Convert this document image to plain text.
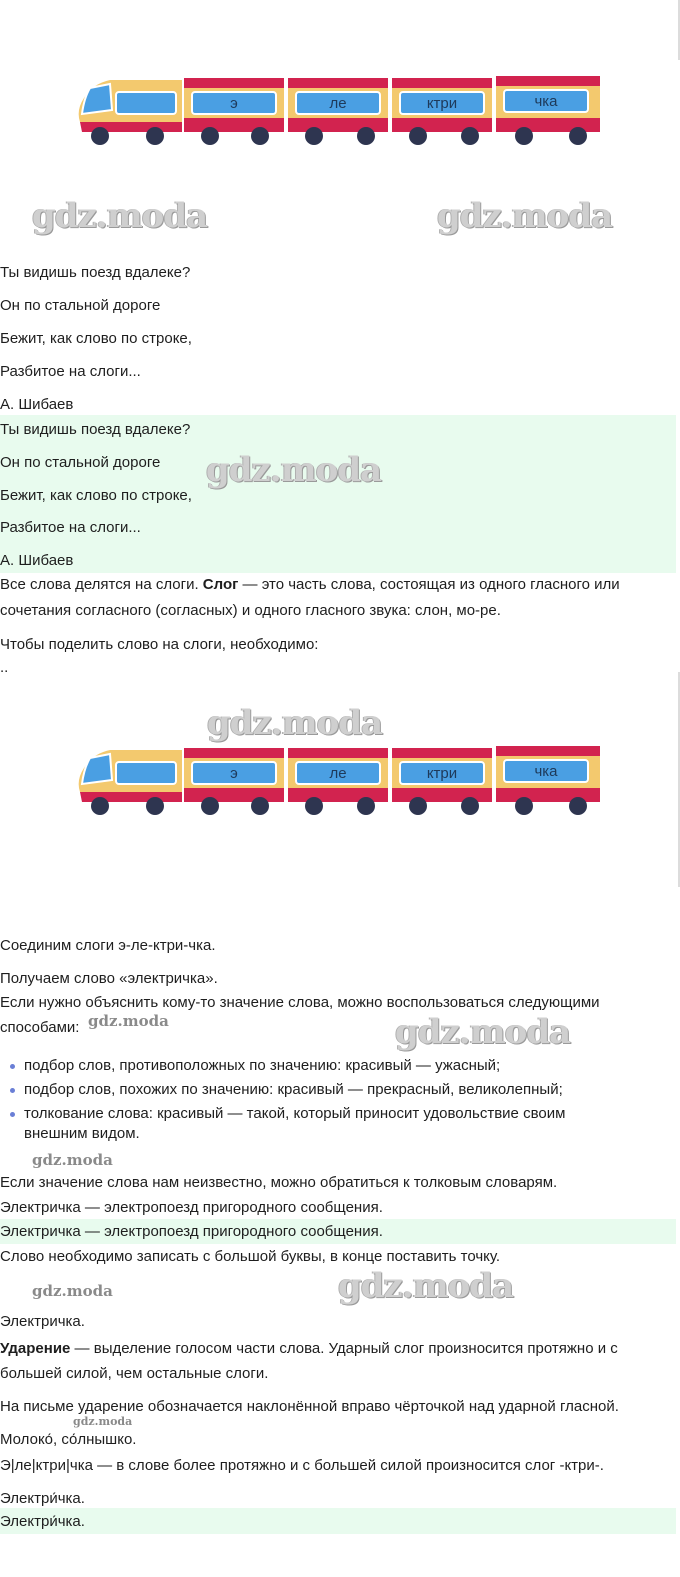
э	ле	ктри	чка
gdz.moda	gdz.moda
Ты видишь поезд вдалеке?
Он по стальной дороге
Бежит, как слово по строке,
Разбитое на слоги...
А. Шибаев
Ты видишь поезд вдалеке?
Он по стальной дороге
Бежит, как слово по строке,
Разбитое на слоги...
А. Шибаев
gdz.moda
Все слова делятся на слоги. Слог — это часть слова, состоящая из одного гласного или
сочетания согласного (согласных) и одного гласного звука: слон, мо-ре.
Чтобы поделить слово на слоги, необходимо:
..
gdz.moda
э	ле	ктри	чка
Соединим слоги э-ле-ктри-чка.
Получаем слово «электричка».
Если нужно объяснить кому-то значение слова, можно воспользоваться следующими
способами: gdz.moda	gdz.moda
подбор слов, противоположных по значению: красивый — ужасный;
подбор слов, похожих по значению: красивый — прекрасный, великолепный;
толкование слова: красивый — такой, который приносит удовольствие своим внешним видом.
gdz.moda
Если значение слова нам неизвестно, можно обратиться к толковым словарям.
Электричка — электропоезд пригородного сообщения.
Электричка — электропоезд пригородного сообщения.
Слово необходимо записать с большой буквы, в конце поставить точку.
gdz.moda	gdz.moda
Электричка.
Ударение — выделение голосом части слова. Ударный слог произносится протяжно и с
большей силой, чем остальные слоги.
На письме ударение обозначается наклонённой вправо чёрточкой над ударной гласной.
gdz.moda
Молоко́, со́лнышко.
Э|ле|ктри|чка — в слове более протяжно и с большей силой произносится слог -ктри-.
Электри́чка.
Электри́чка.
